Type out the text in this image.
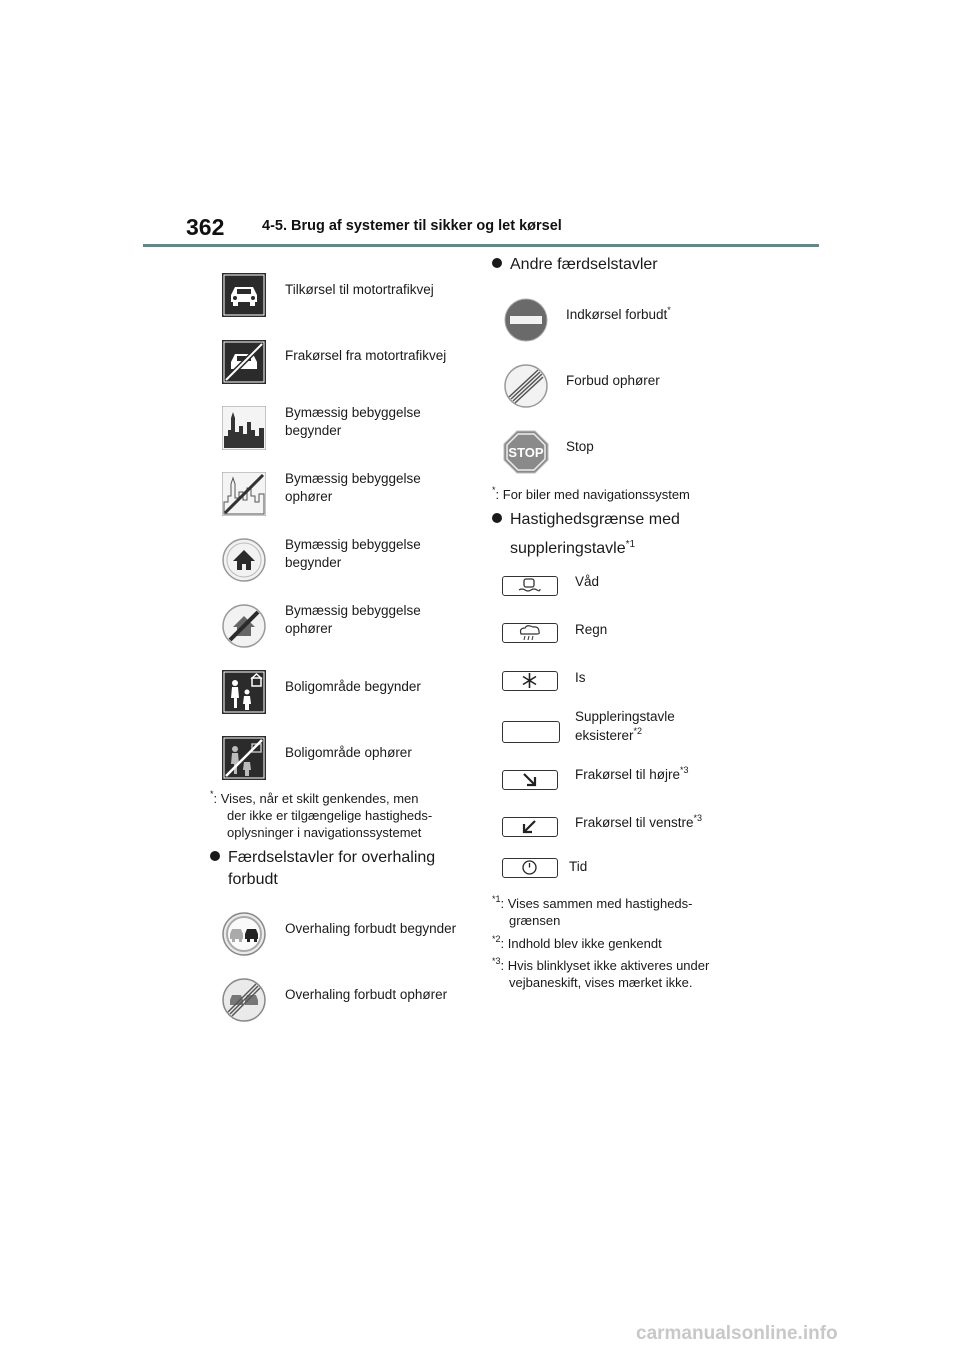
362	4-5. Brug af systemer til sikker og let kørsel
Tilkørsel til motortrafikvej
Frakørsel fra motortrafikvej
Bymæssig bebyggelse begynder
Bymæssig bebyggelse ophører
Bymæssig bebyggelse begynder
Bymæssig bebyggelse ophører
Boligområde begynder
Boligområde ophører
*: Vises, når et skilt genkendes, men
der ikke er tilgængelige hastigheds-
oplysninger i navigationssystemet
Færdselstavler for overhaling
forbudt
Overhaling forbudt begynder
Overhaling forbudt ophører
Andre færdselstavler
Indkørsel forbudt*
Forbud ophører
STOP Stop
*: For biler med navigationssystem
Hastighedsgrænse med
suppleringstavle$^{*1}$
Våd
Regn
Is
Suppleringstavle
eksisterer$^{*2}$
Frakørsel til højre$^{*3}$
Frakørsel til venstre$^{*3}$
Tid
$^{*1}$: Vises sammen med hastigheds-
grænsen
$^{*2}$: Indhold blev ikke genkendt
$^{*3}$: Hvis blinklyset ikke aktiveres under
vejbaneskift, vises mærket ikke.
carmanualsonline.info
